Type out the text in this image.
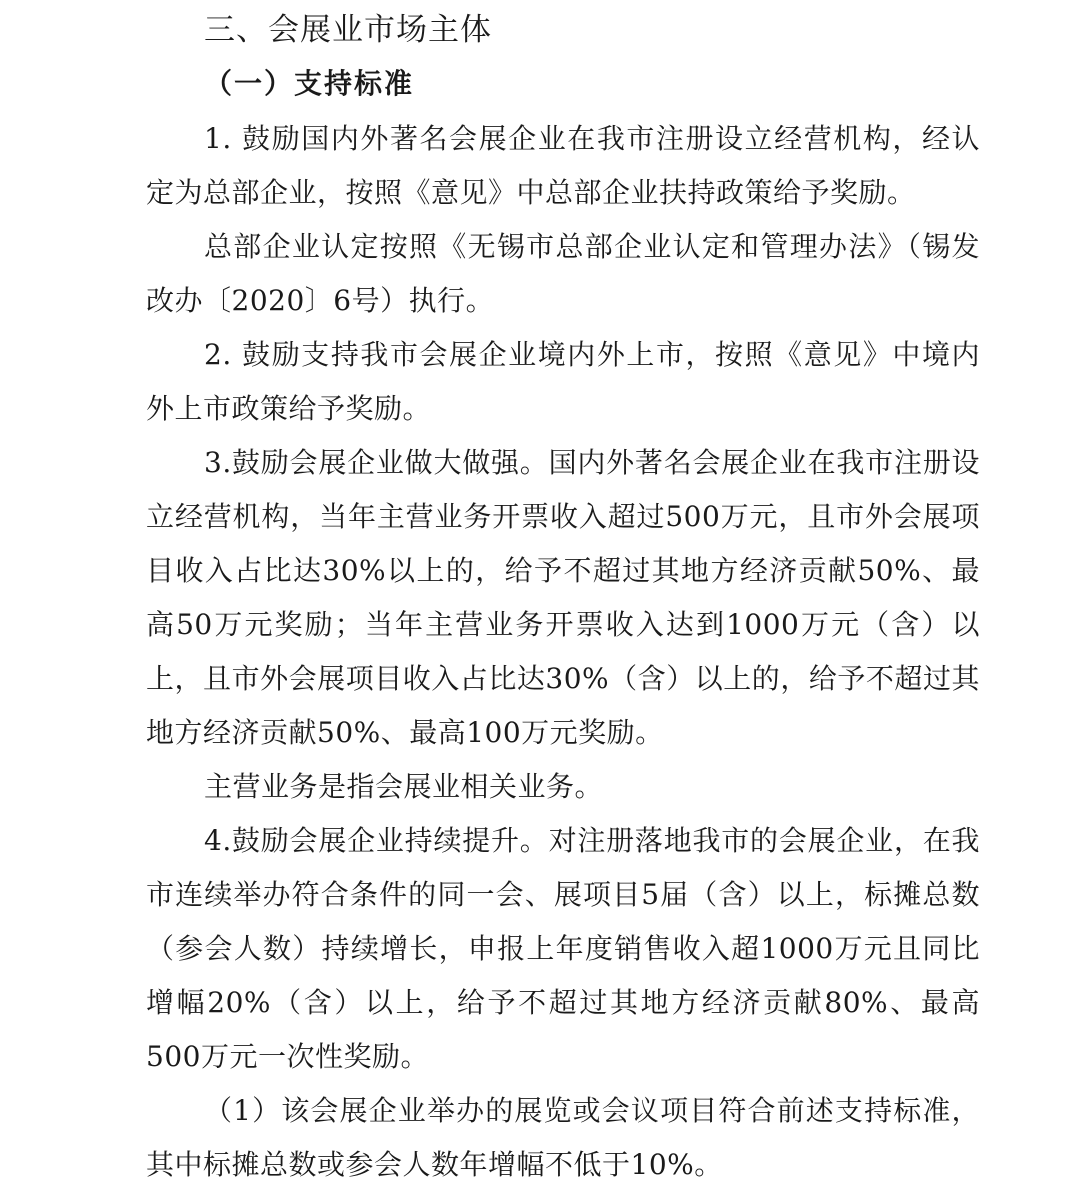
三、会展业市场主体
（一）支持标准

1. 鼓励国内外著名会展企业在我市注册设立经营机构，经认定为总部企业，按照《意见》中总部企业扶持政策给予奖励。

总部企业认定按照《无锡市总部企业认定和管理办法》（锡发改办〔2020〕6号）执行。

2. 鼓励支持我市会展企业境内外上市，按照《意见》中境内外上市政策给予奖励。

3.鼓励会展企业做大做强。国内外著名会展企业在我市注册设立经营机构，当年主营业务开票收入超过500万元，且市外会展项目收入占比达30%以上的，给予不超过其地方经济贡献50%、最高50万元奖励；当年主营业务开票收入达到1000万元（含）以上，且市外会展项目收入占比达30%（含）以上的，给予不超过其地方经济贡献50%、最高100万元奖励。

主营业务是指会展业相关业务。

4.鼓励会展企业持续提升。对注册落地我市的会展企业，在我市连续举办符合条件的同一会、展项目5届（含）以上，标摊总数（参会人数）持续增长，申报上年度销售收入超1000万元且同比增幅20%（含）以上，给予不超过其地方经济贡献80%、最高500万元一次性奖励。

（1）该会展企业举办的展览或会议项目符合前述支持标准，其中标摊总数或参会人数年增幅不低于10%。
